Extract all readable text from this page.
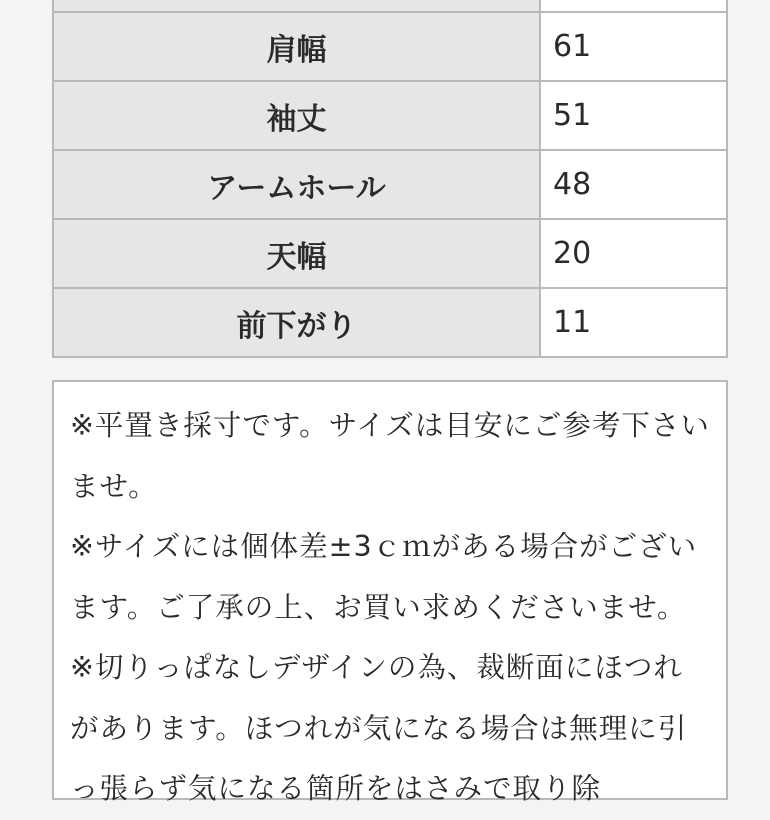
肩幅	61
袖丈	51
アームホール	48
天幅	20
前下がり	11

※平置き採寸です。サイズは目安にご参考下さいませ。

※サイズには個体差±3ｃｍがある場合がございます。ご了承の上、お買い求めくださいませ。

※切りっぱなしデザインの為、裁断面にほつれがあります。ほつれが気になる場合は無理に引っ張らず気になる箇所をはさみで取り除
